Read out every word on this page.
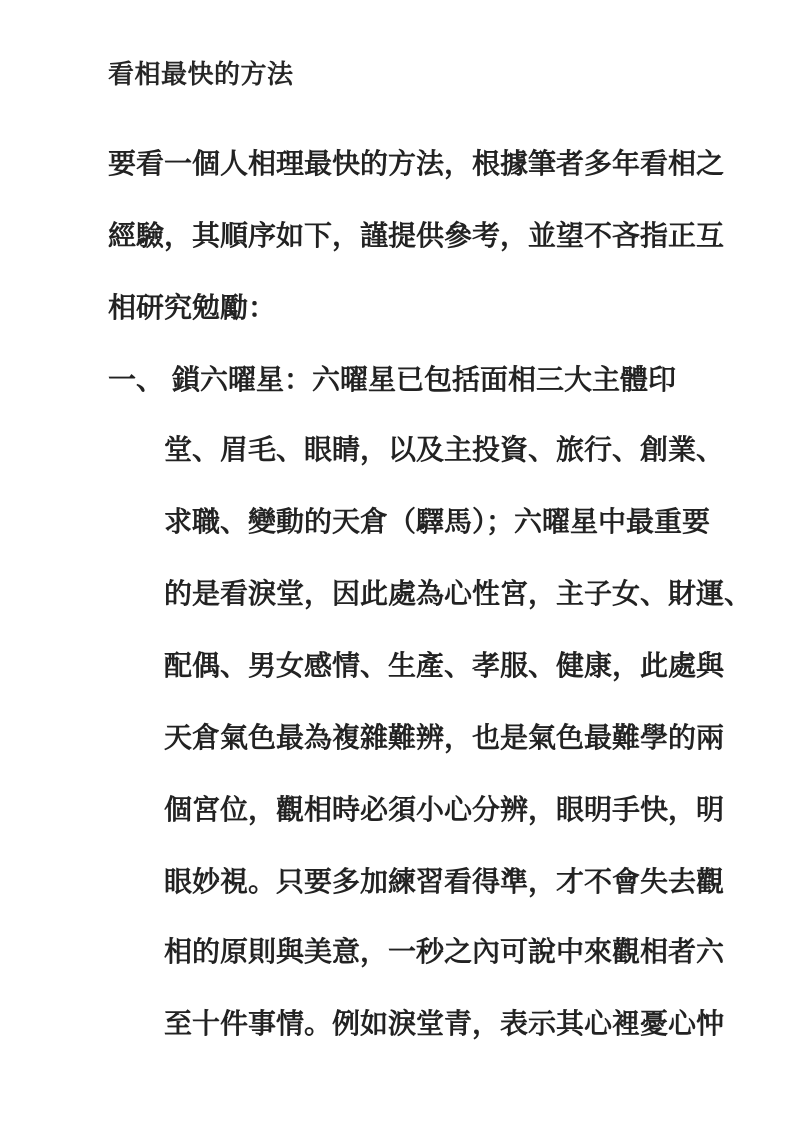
看相最快的方法
要看一個人相理最快的方法，根據筆者多年看相之
經驗，其順序如下，謹提供參考，並望不吝指正互
相研究勉勵：
一、 鎖六曜星：六曜星已包括面相三大主體印
堂、眉毛、眼睛，以及主投資、旅行、創業、
求職、變動的天倉（驛馬）；六曜星中最重要
的是看淚堂，因此處為心性宮，主子女、財運、
配偶、男女感情、生產、孝服、健康，此處與
天倉氣色最為複雜難辨，也是氣色最難學的兩
個宮位，觀相時必須小心分辨，眼明手快，明
眼妙視。只要多加練習看得準，才不會失去觀
相的原則與美意，一秒之內可說中來觀相者六
至十件事情。例如淚堂青，表示其心裡憂心忡
